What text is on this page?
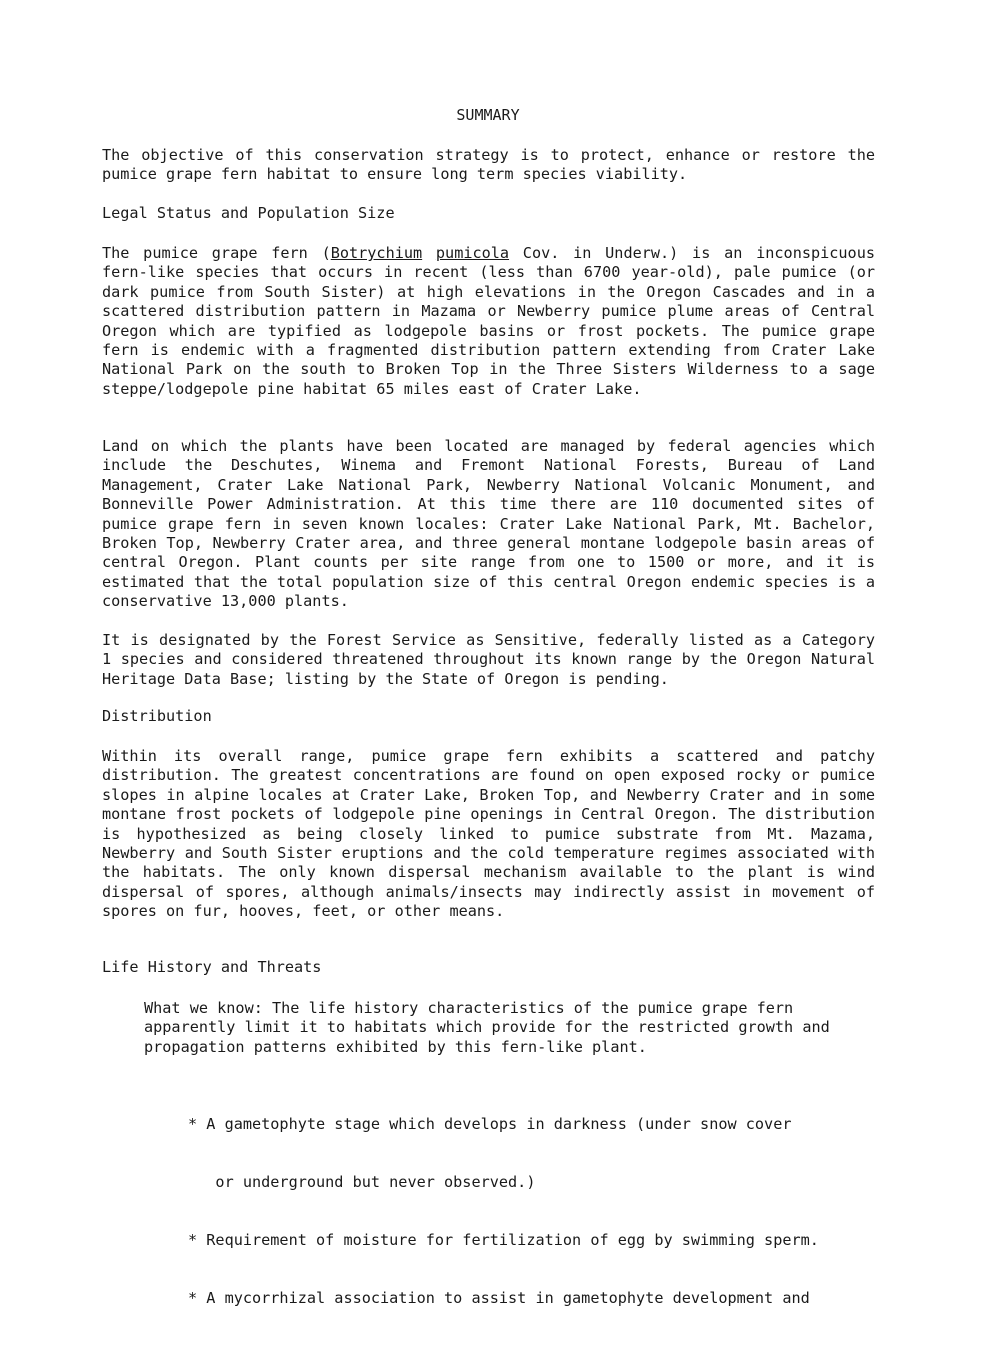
SUMMARY

The objective of this conservation strategy is to protect, enhance or restore the pumice grape fern habitat to ensure long term species viability.

Legal Status and Population Size

The pumice grape fern (Botrychium pumicola Cov. in Underw.) is an inconspicuous fern-like species that occurs in recent (less than 6700 year-old), pale pumice (or dark pumice from South Sister) at high elevations in the Oregon Cascades and in a scattered distribution pattern in Mazama or Newberry pumice plume areas of Central Oregon which are typified as lodgepole basins or frost pockets. The pumice grape fern is endemic with a fragmented distribution pattern extending from Crater Lake National Park on the south to Broken Top in the Three Sisters Wilderness to a sage steppe/lodgepole pine habitat 65 miles east of Crater Lake.

Land on which the plants have been located are managed by federal agencies which include the Deschutes, Winema and Fremont National Forests, Bureau of Land Management, Crater Lake National Park, Newberry National Volcanic Monument, and Bonneville Power Administration. At this time there are 110 documented sites of pumice grape fern in seven known locales: Crater Lake National Park, Mt. Bachelor, Broken Top, Newberry Crater area, and three general montane lodgepole basin areas of central Oregon. Plant counts per site range from one to 1500 or more, and it is estimated that the total population size of this central Oregon endemic species is a conservative 13,000 plants.

It is designated by the Forest Service as Sensitive, federally listed as a Category 1 species and considered threatened throughout its known range by the Oregon Natural Heritage Data Base; listing by the State of Oregon is pending.

Distribution

Within its overall range, pumice grape fern exhibits a scattered and patchy distribution. The greatest concentrations are found on open exposed rocky or pumice slopes in alpine locales at Crater Lake, Broken Top, and Newberry Crater and in some montane frost pockets of lodgepole pine openings in Central Oregon. The distribution is hypothesized as being closely linked to pumice substrate from Mt. Mazama, Newberry and South Sister eruptions and the cold temperature regimes associated with the habitats. The only known dispersal mechanism available to the plant is wind dispersal of spores, although animals/insects may indirectly assist in movement of spores on fur, hooves, feet, or other means.

Life History and Threats

What we know: The life history characteristics of the pumice grape fern apparently limit it to habitats which provide for the restricted growth and propagation patterns exhibited by this fern-like plant.

* A gametophyte stage which develops in darkness (under snow cover

or underground but never observed.)

* Requirement of moisture for fertilization of egg by swimming sperm.

* A mycorrhizal association to assist in gametophyte development and
